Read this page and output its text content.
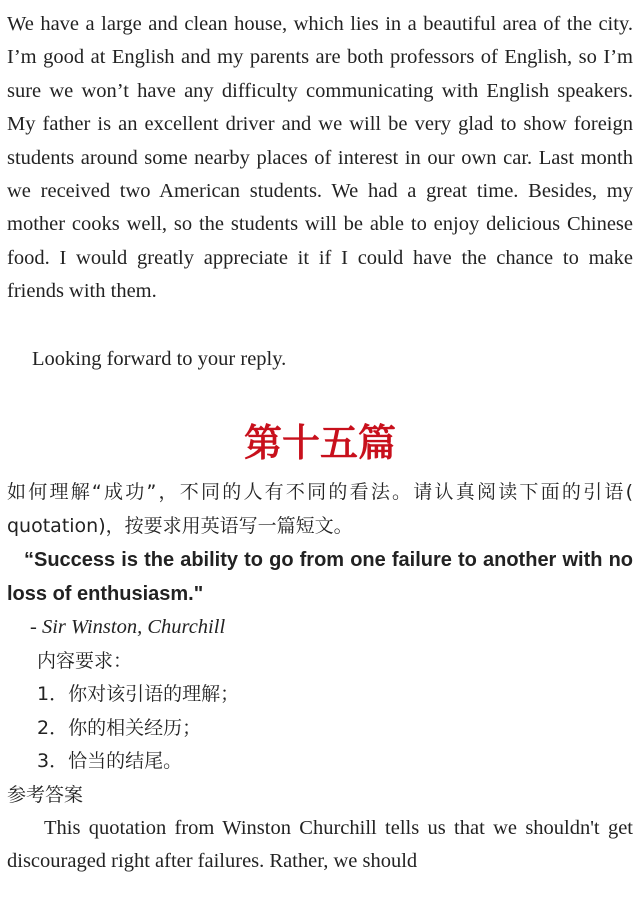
We have a large and clean house, which lies in a beautiful area of the city. I’m good at English and my parents are both professors of English, so I’m sure we won’t have any difficulty communicating with English speakers. My father is an excellent driver and we will be very glad to show foreign students around some nearby places of interest in our own car. Last month we received two American students. We had a great time. Besides, my mother cooks well, so the students will be able to enjoy delicious Chinese food. I would greatly appreciate it if I could have the chance to make friends with them.

Looking forward to your reply.

第十五篇

如何理解“成功”，不同的人有不同的看法。请认真阅读下面的引语( quotation)，按要求用英语写一篇短文。

“Success is the ability to go from one failure to another with no loss of enthusiasm."

- Sir Winston, Churchill

内容要求：

1．你对该引语的理解；

2．你的相关经历；

3．恰当的结尾。

参考答案

This quotation from Winston Churchill tells us that we shouldn't get discouraged right after failures. Rather, we should
